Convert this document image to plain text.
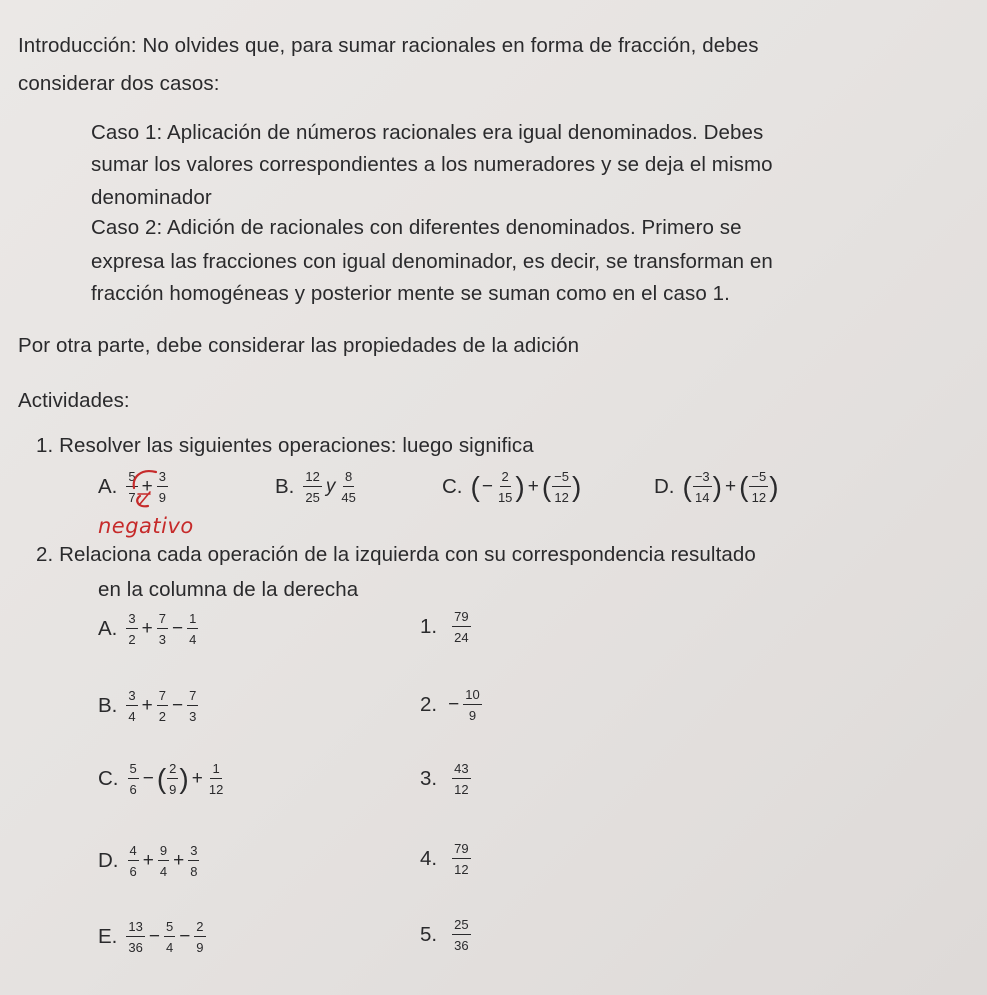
Introducción: No olvides que, para sumar racionales en forma de fracción, debes
considerar dos casos:
Caso 1: Aplicación de números racionales era igual denominados. Debes
sumar los valores correspondientes a los numeradores y se deja el mismo
denominador
Caso 2: Adición de racionales con diferentes denominados. Primero se
expresa las fracciones con igual denominador, es decir, se transforman en
fracción homogéneas y posterior mente se suman como en el caso 1.
Por otra parte, debe considerar las propiedades de la adición
Actividades:
1. Resolver las siguientes operaciones: luego significa
A. $\frac{5}{7} + \frac{3}{9}$
negativo
B. $\frac{12}{25}$ y $\frac{8}{45}$	C. ( − $\frac{2}{15}$ ) + ( $\frac{-5}{12}$ )	D. ( $\frac{-3}{14}$ ) + ( $\frac{-5}{12}$ )
2. Relaciona cada operación de la izquierda con su correspondencia resultado
en la columna de la derecha
A. $\frac{3}{2} + \frac{7}{3} - \frac{1}{4}$
B. $\frac{3}{4} + \frac{7}{2} - \frac{7}{3}$
C. $\frac{5}{6}$ − ( $\frac{2}{9}$ ) + $\frac{1}{12}$
D. $\frac{4}{6} + \frac{9}{4} + \frac{3}{8}$
E. $\frac{13}{36} - \frac{5}{4} - \frac{2}{9}$
1. $\frac{79}{24}$
2. − $\frac{10}{9}$
3. $\frac{43}{12}$
4. $\frac{79}{12}$
5. $\frac{25}{36}$
